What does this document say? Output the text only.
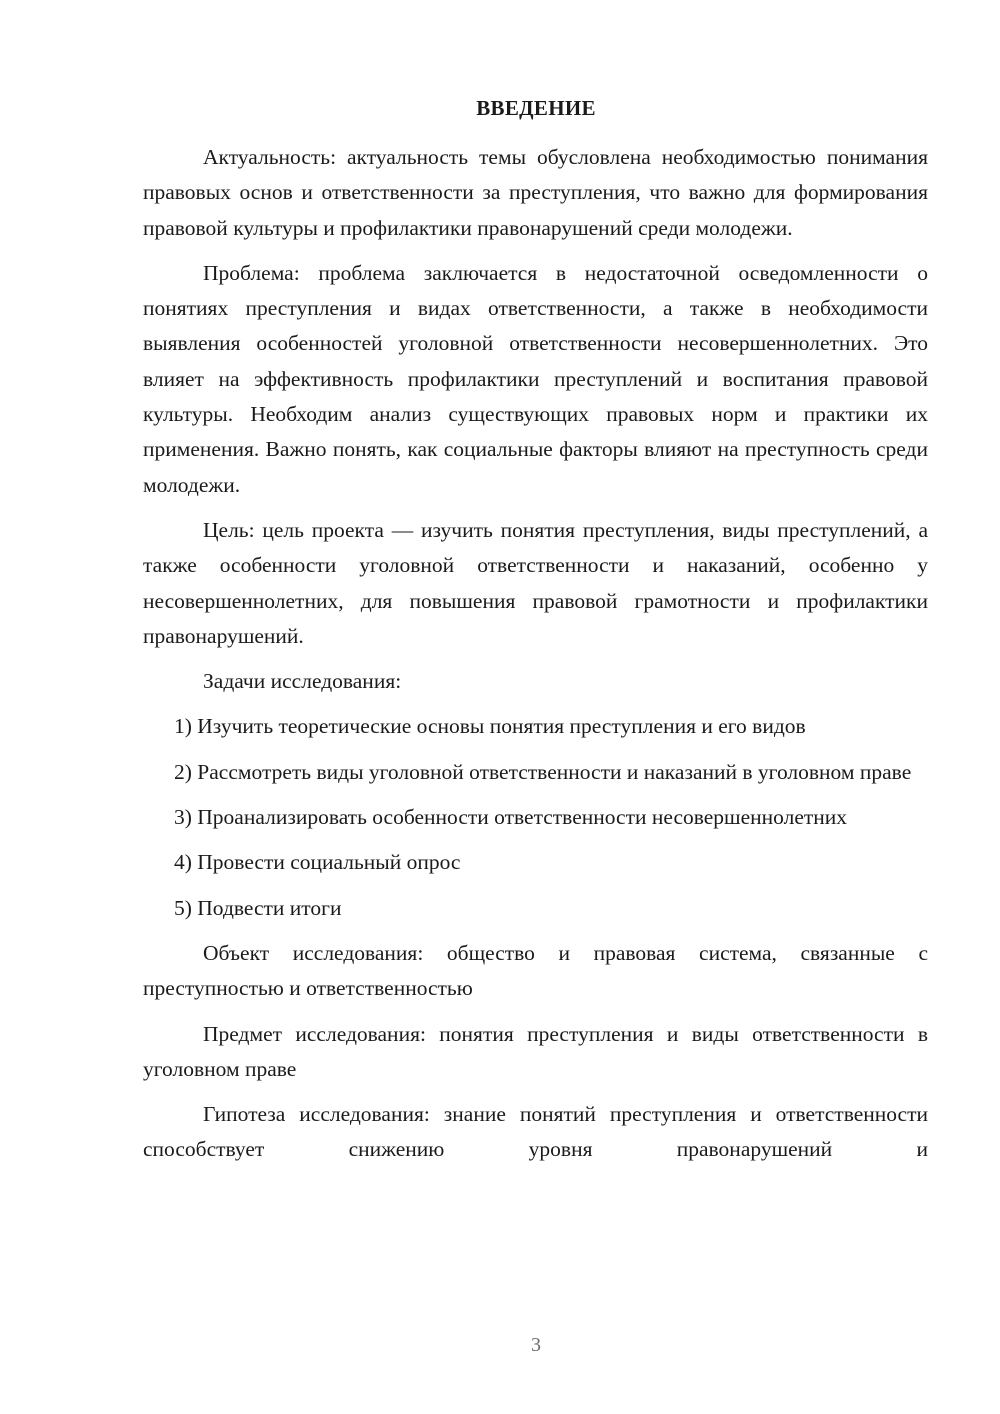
ВВЕДЕНИЕ

Актуальность: актуальность темы обусловлена необходимостью понимания правовых основ и ответственности за преступления, что важно для формирования правовой культуры и профилактики правонарушений среди молодежи.

Проблема: проблема заключается в недостаточной осведомленности о понятиях преступления и видах ответственности, а также в необходимости выявления особенностей уголовной ответственности несовершеннолетних. Это влияет на эффективность профилактики преступлений и воспитания правовой культуры. Необходим анализ существующих правовых норм и практики их применения. Важно понять, как социальные факторы влияют на преступность среди молодежи.

Цель: цель проекта — изучить понятия преступления, виды преступлений, а также особенности уголовной ответственности и наказаний, особенно у несовершеннолетних, для повышения правовой грамотности и профилактики правонарушений.

Задачи исследования:

1) Изучить теоретические основы понятия преступления и его видов

2) Рассмотреть виды уголовной ответственности и наказаний в уголовном праве

3) Проанализировать особенности ответственности несовершеннолетних

4) Провести социальный опрос

5) Подвести итоги

Объект исследования: общество и правовая система, связанные с преступностью и ответственностью

Предмет исследования: понятия преступления и виды ответственности в уголовном праве

Гипотеза исследования: знание понятий преступления и ответственности способствует снижению уровня правонарушений и

3
